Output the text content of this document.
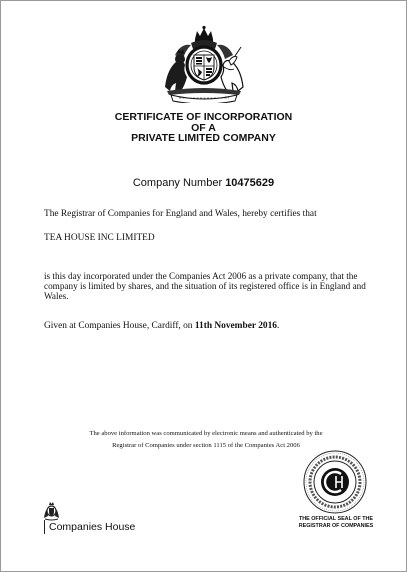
CERTIFICATE OF INCORPORATION
OF A
PRIVATE LIMITED COMPANY
Company Number 10475629
The Registrar of Companies for England and Wales, hereby certifies that
TEA HOUSE INC LIMITED
is this day incorporated under the Companies Act 2006 as a private company, that the company is limited by shares, and the situation of its registered office is in England and Wales.
Given at Companies House, Cardiff, on 11th November 2016.
The above information was communicated by electronic means and authenticated by the
Registrar of Companies under section 1115 of the Companies Act 2006
Companies House
THE OFFICIAL SEAL OF THE
REGISTRAR OF COMPANIES
